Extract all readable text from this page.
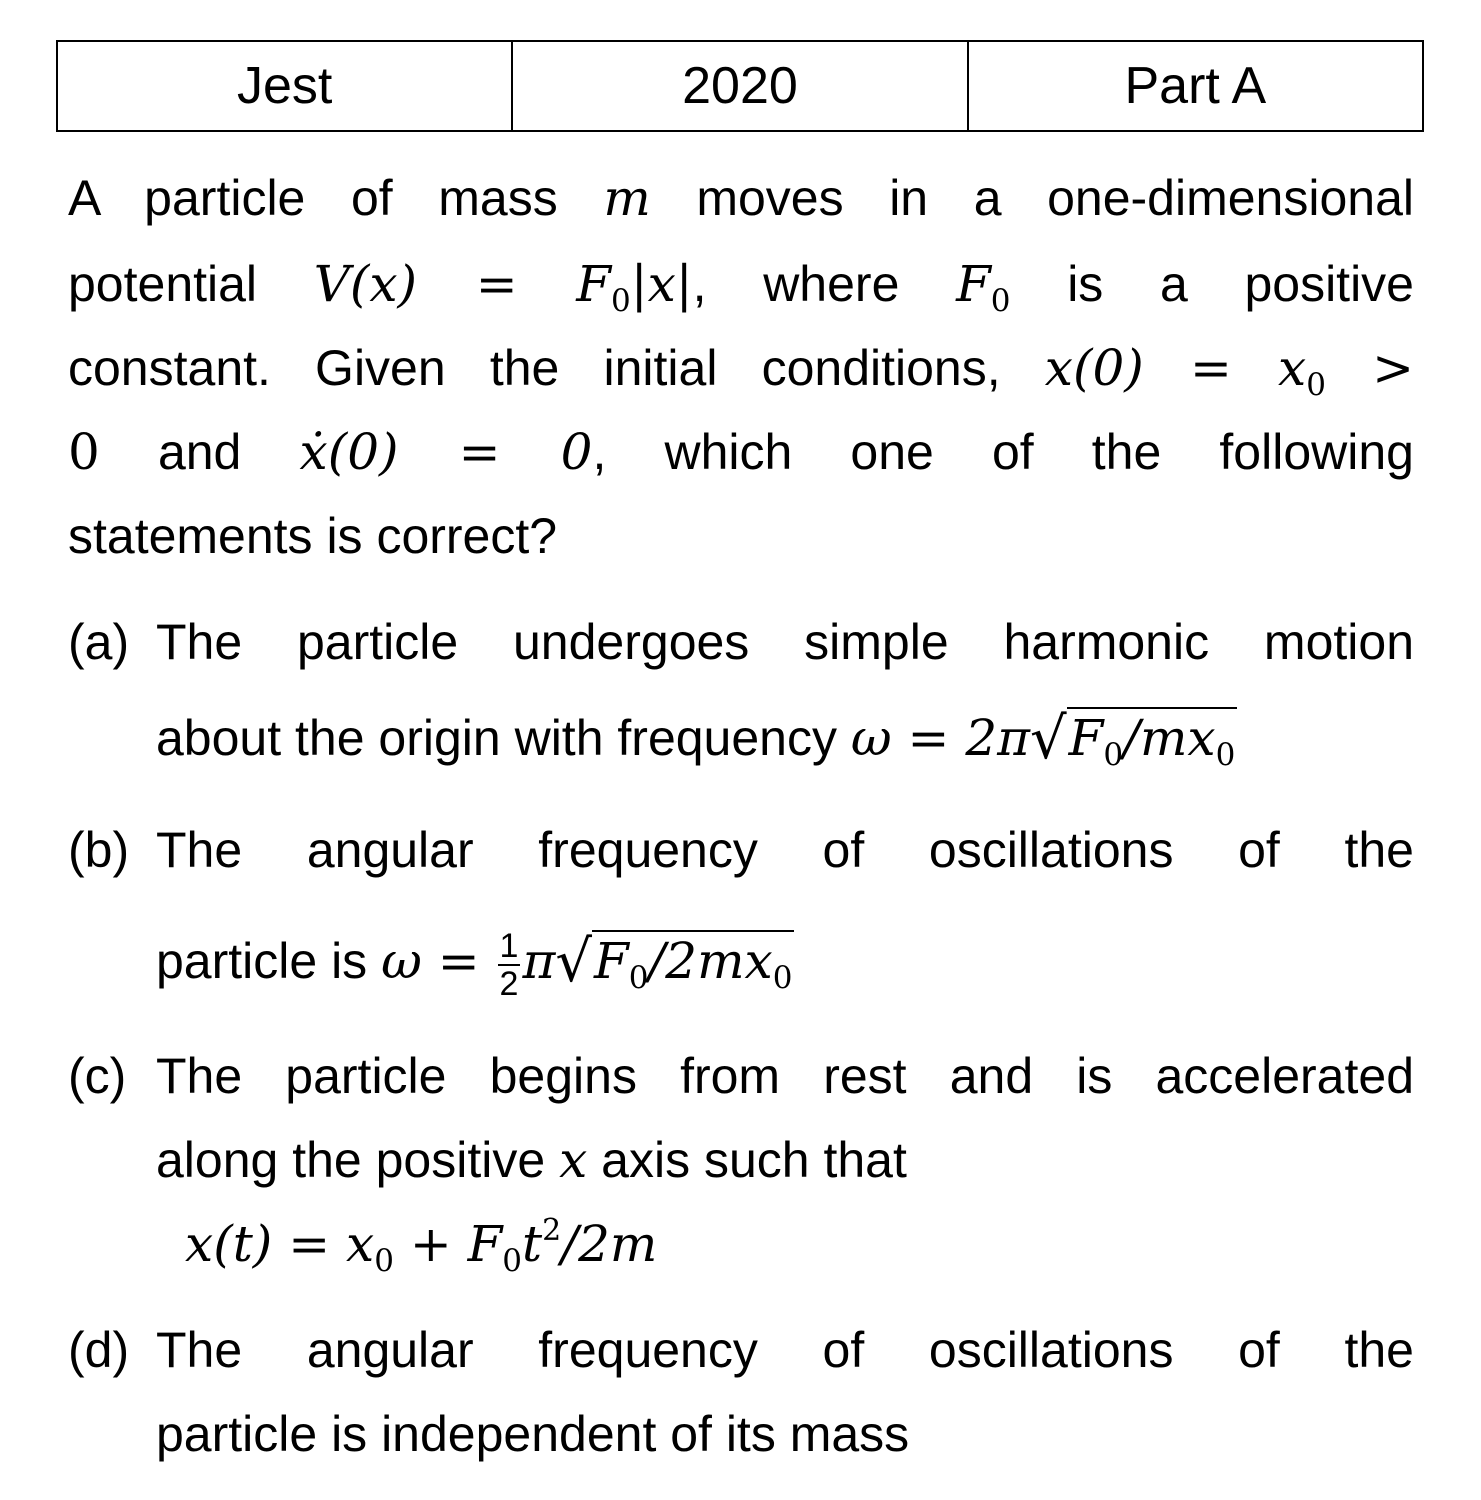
Jest	2020	Part A
A particle of mass m moves in a one-dimensional
potential $V(x) = F_0|x|$, where $F_0$ is a positive
constant. Given the initial conditions, $x(0) = x_0$ >
0 and ẋ(0) = 0, which one of the following
statements is correct?
(a) The particle undergoes simple harmonic motion
about the origin with frequency $\omega = 2\pi√F_0/mx_0$
(b) The angular frequency of oscillations of the
particle is $\omega = \frac{1}{2} \pi√F_0/2mx_0$
(c) The particle begins from rest and is accelerated
along the positive x axis such that
$x(t) = x_0 + F_0t^2/2m$
(d) The angular frequency of oscillations of the
particle is independent of its mass
